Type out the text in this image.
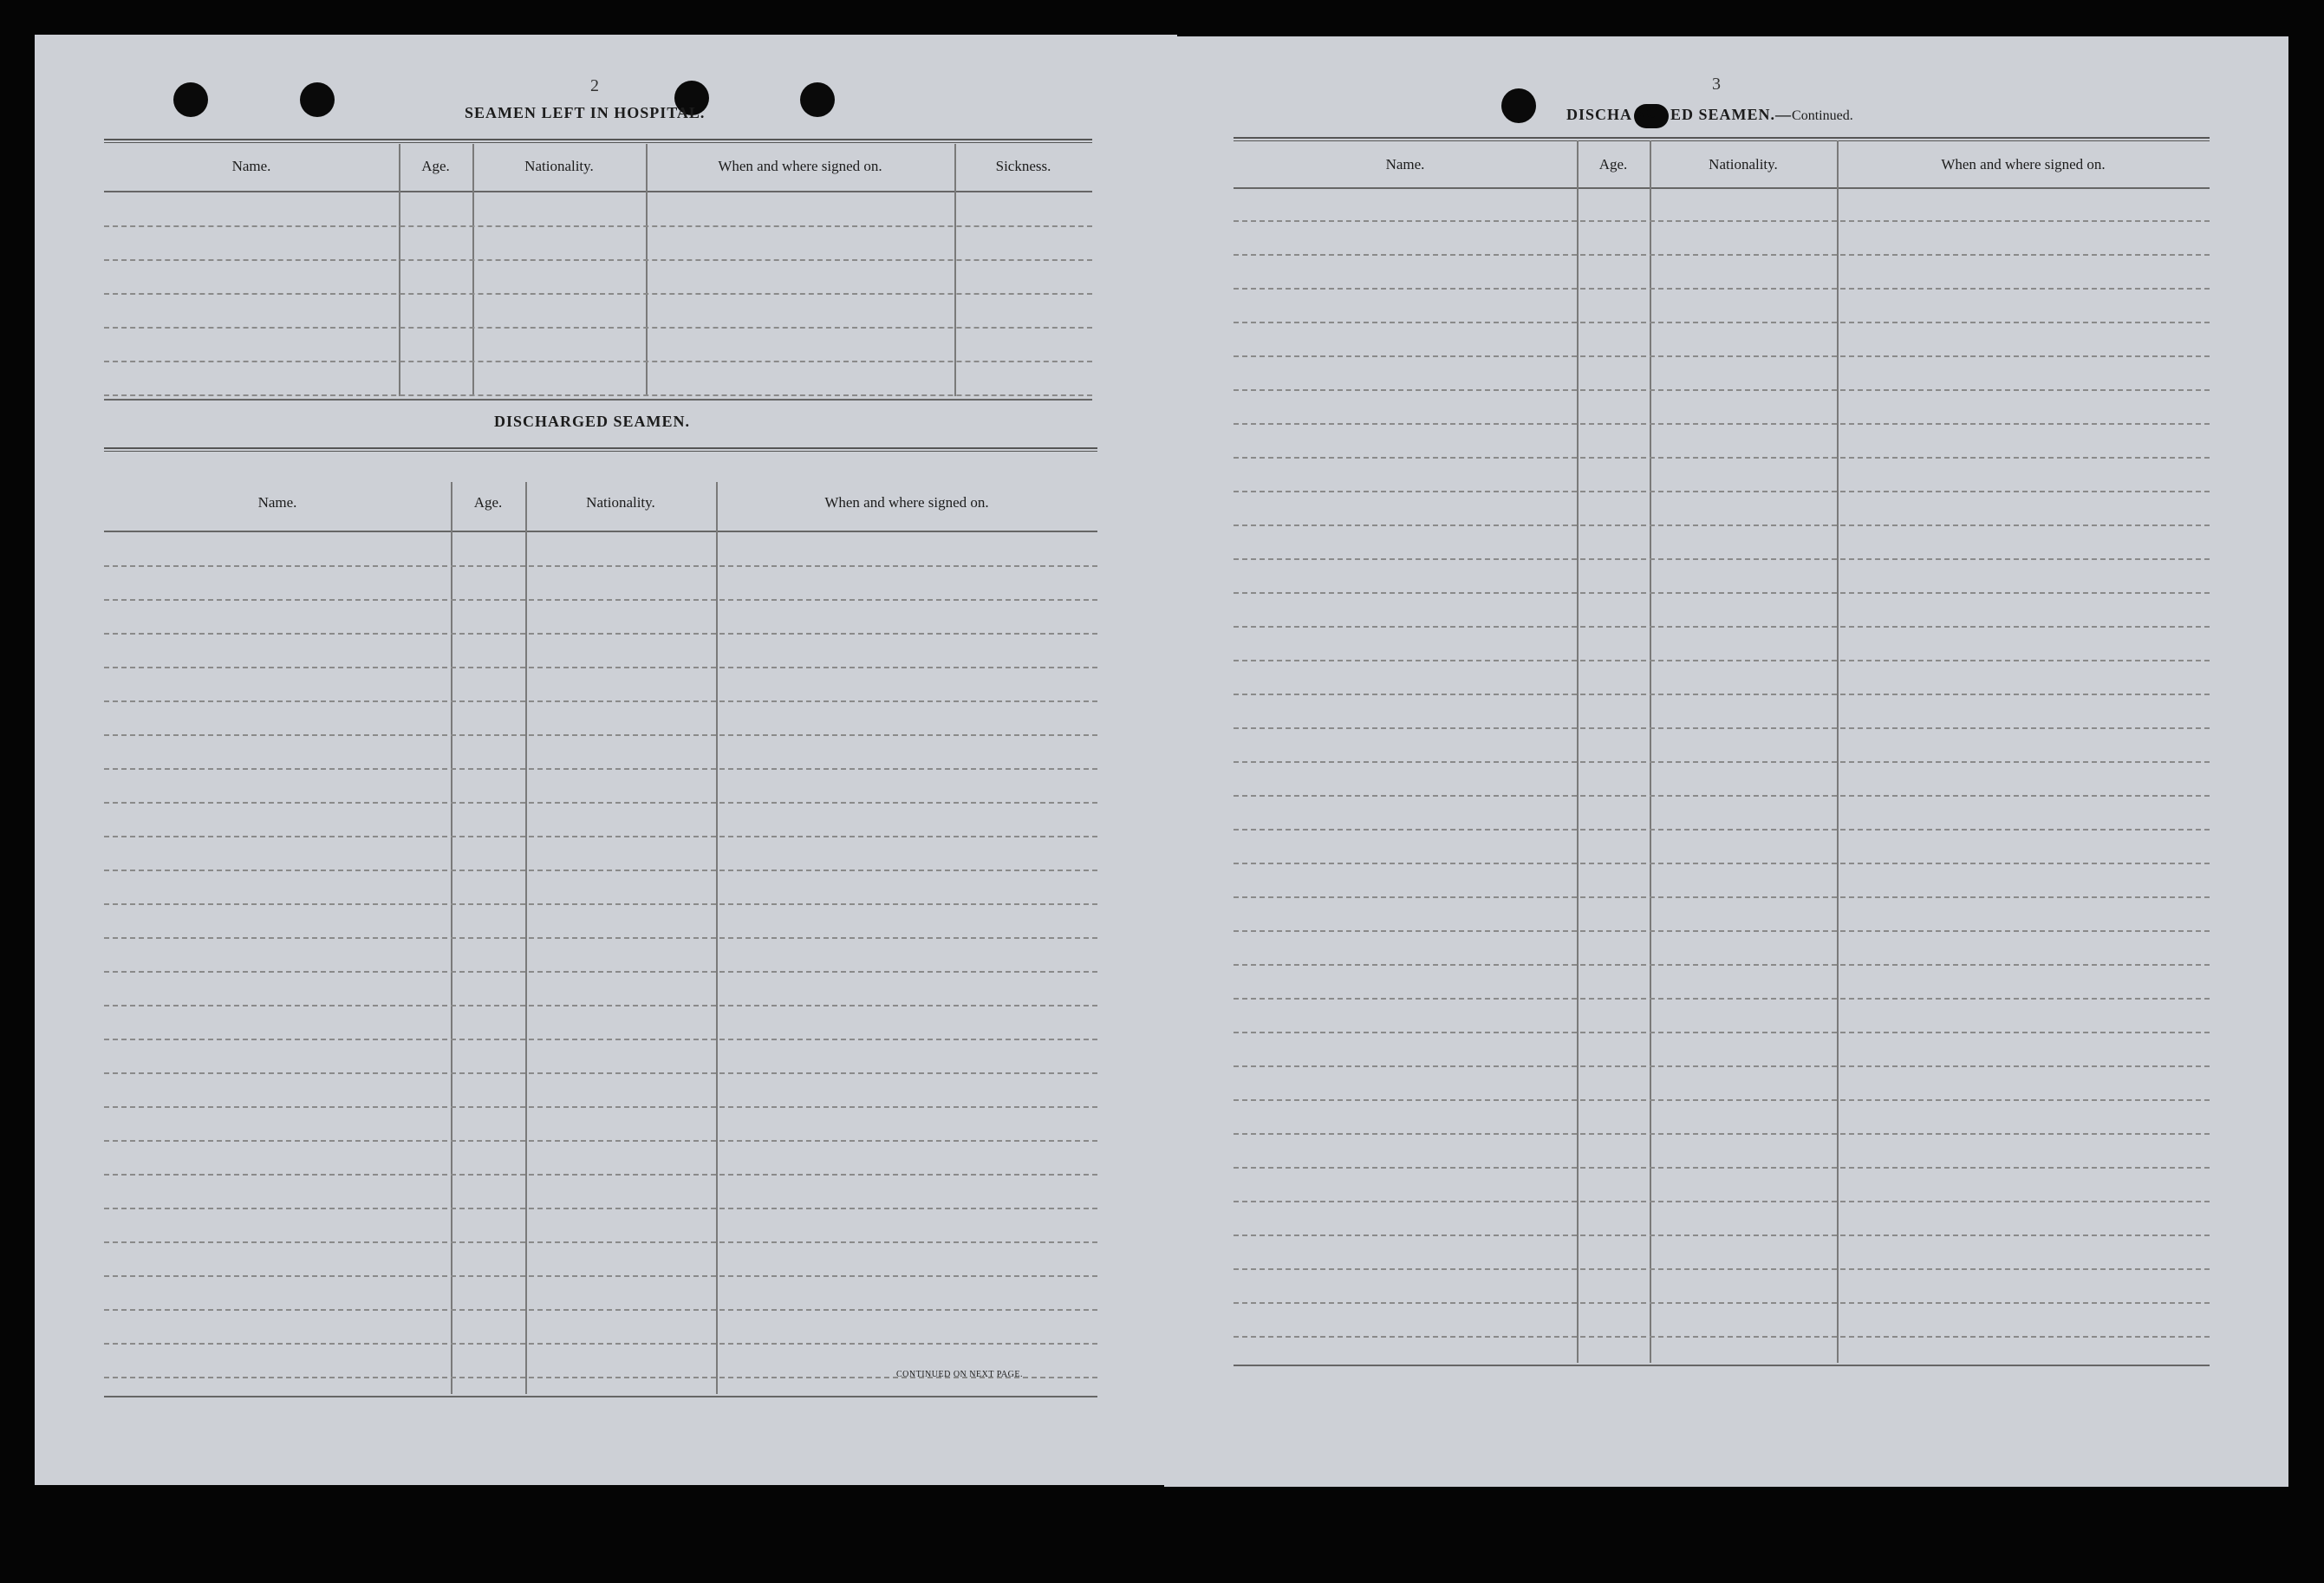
2
SEAMEN LEFT IN HOSPITAL.
Name.	Age.	Nationality.	When and where signed on.	Sickness.
DISCHARGED SEAMEN.
Name.	Age.	Nationality.	When and where signed on.
CONTINUED ON NEXT PAGE.
3
DISCHA RG ED SEAMEN.—Continued.
Name.	Age.	Nationality.	When and where signed on.
